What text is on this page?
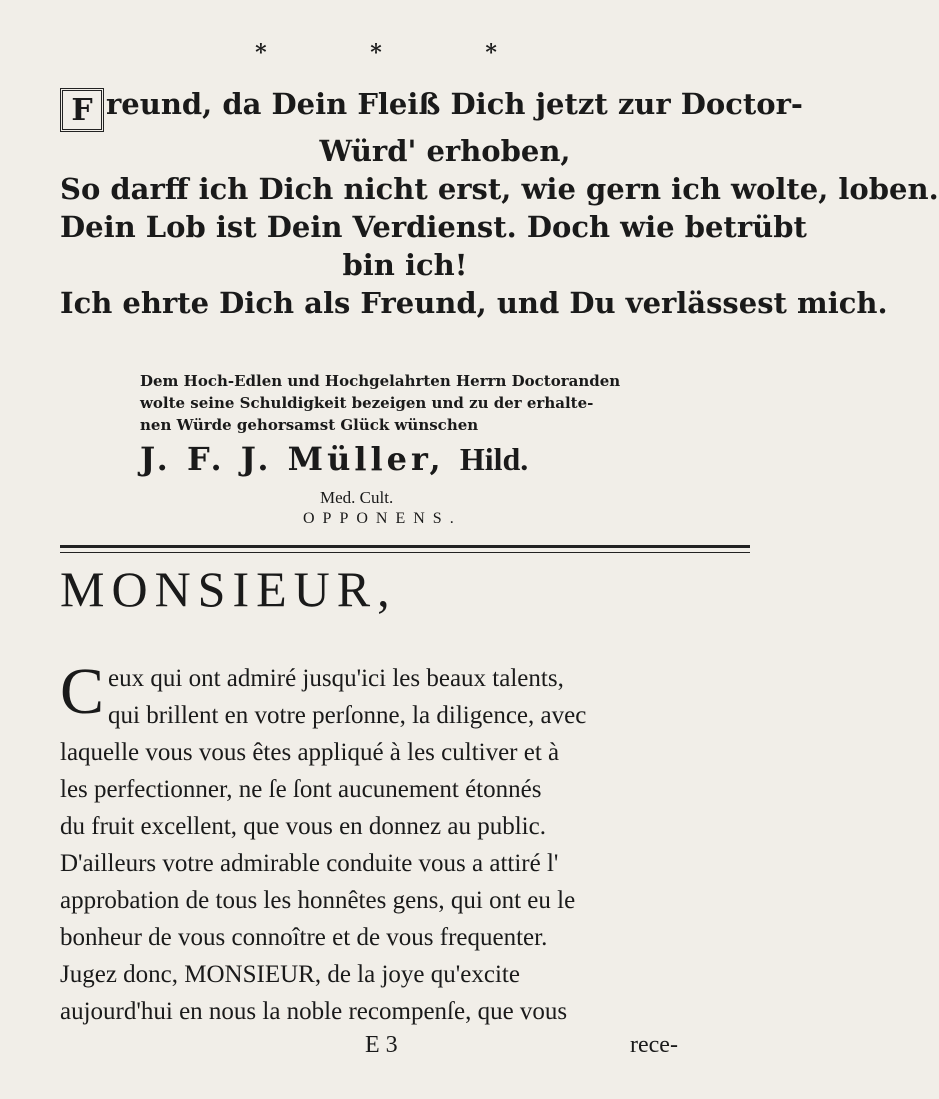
* * *
F reund, da Dein Fleiß Dich jetzt zur Doctor-
Würd' erhoben,
So darff ich Dich nicht erst, wie gern ich wolte, loben.
Dein Lob ist Dein Verdienst. Doch wie betrübt
bin ich!
Ich ehrte Dich als Freund, und Du verlässest mich.
Dem Hoch-Edlen und Hochgelahrten Herrn Doctoranden
wolte seine Schuldigkeit bezeigen und zu der erhalte-
nen Würde gehorsamst Glück wünschen
J. F. J. Müller, Hild.
Med. Cult.
OPPONENS.
MONSIEUR,
C eux qui ont admiré jusqu'ici les beaux talents,
qui brillent en votre perſonne, la diligence, avec
laquelle vous vous êtes appliqué à les cultiver et à
les perfectionner, ne ſe ſont aucunement étonnés
du fruit excellent, que vous en donnez au public.
D'ailleurs votre admirable conduite vous a attiré l'
approbation de tous les honnêtes gens, qui ont eu le
bonheur de vous connoître et de vous frequenter.
Jugez donc, MONSIEUR, de la joye qu'excite
aujourd'hui en nous la noble recompenſe, que vous
E 3	rece-
